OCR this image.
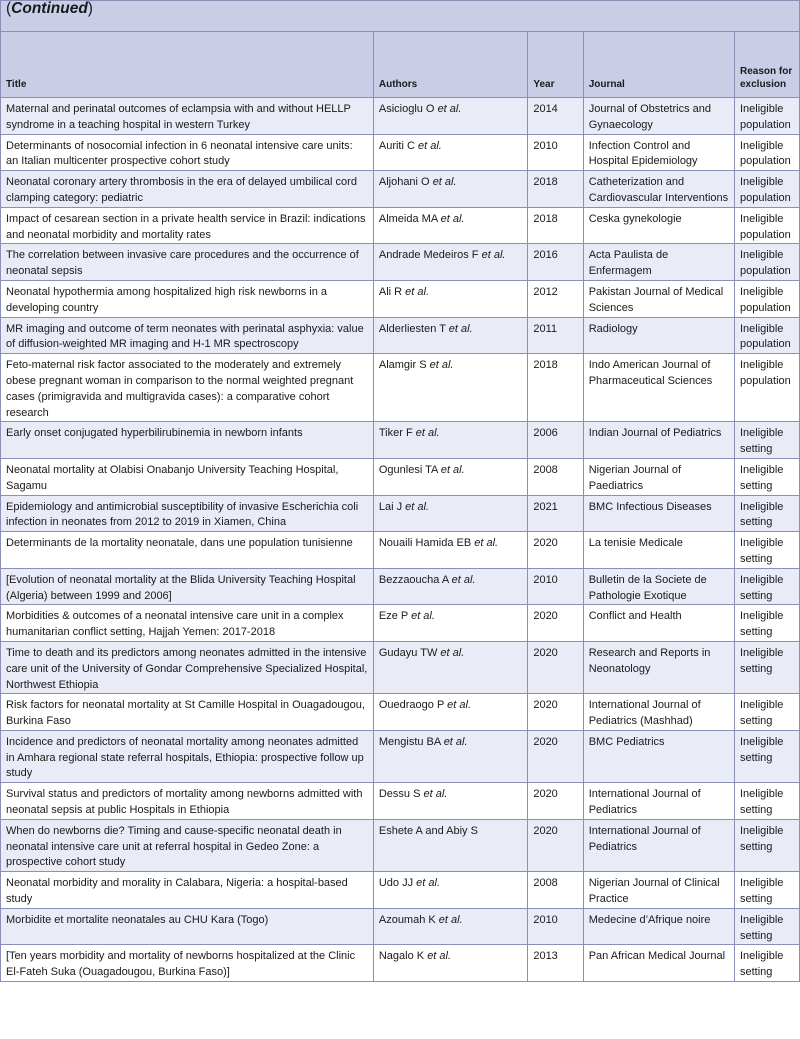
(Continued)				
Title	Authors	Year	Journal	Reason for exclusion
Maternal and perinatal outcomes of eclampsia with and without HELLP syndrome in a teaching hospital in western Turkey	Asicioglu O et al.	2014	Journal of Obstetrics and Gynaecology	Ineligible population
Determinants of nosocomial infection in 6 neonatal intensive care units: an Italian multicenter prospective cohort study	Auriti C et al.	2010	Infection Control and Hospital Epidemiology	Ineligible population
Neonatal coronary artery thrombosis in the era of delayed umbilical cord clamping category: pediatric	Aljohani O et al.	2018	Catheterization and Cardiovascular Interventions	Ineligible population
Impact of cesarean section in a private health service in Brazil: indications and neonatal morbidity and mortality rates	Almeida MA et al.	2018	Ceska gynekologie	Ineligible population
The correlation between invasive care procedures and the occurrence of neonatal sepsis	Andrade Medeiros F et al.	2016	Acta Paulista de Enfermagem	Ineligible population
Neonatal hypothermia among hospitalized high risk newborns in a developing country	Ali R et al.	2012	Pakistan Journal of Medical Sciences	Ineligible population
MR imaging and outcome of term neonates with perinatal asphyxia: value of diffusion-weighted MR imaging and H-1 MR spectroscopy	Alderliesten T et al.	2011	Radiology	Ineligible population
Feto-maternal risk factor associated to the moderately and extremely obese pregnant woman in comparison to the normal weighted pregnant cases (primigravida and multigravida cases): a comparative cohort research	Alamgir S et al.	2018	Indo American Journal of Pharmaceutical Sciences	Ineligible population
Early onset conjugated hyperbilirubinemia in newborn infants	Tiker F et al.	2006	Indian Journal of Pediatrics	Ineligible setting
Neonatal mortality at Olabisi Onabanjo University Teaching Hospital, Sagamu	Ogunlesi TA et al.	2008	Nigerian Journal of Paediatrics	Ineligible setting
Epidemiology and antimicrobial susceptibility of invasive Escherichia coli infection in neonates from 2012 to 2019 in Xiamen, China	Lai J et al.	2021	BMC Infectious Diseases	Ineligible setting
Determinants de la mortality neonatale, dans une population tunisienne	Nouaili Hamida EB et al.	2020	La tenisie Medicale	Ineligible setting
[Evolution of neonatal mortality at the Blida University Teaching Hospital (Algeria) between 1999 and 2006]	Bezzaoucha A et al.	2010	Bulletin de la Societe de Pathologie Exotique	Ineligible setting
Morbidities & outcomes of a neonatal intensive care unit in a complex humanitarian conflict setting, Hajjah Yemen: 2017-2018	Eze P et al.	2020	Conflict and Health	Ineligible setting
Time to death and its predictors among neonates admitted in the intensive care unit of the University of Gondar Comprehensive Specialized Hospital, Northwest Ethiopia	Gudayu TW et al.	2020	Research and Reports in Neonatology	Ineligible setting
Risk factors for neonatal mortality at St Camille Hospital in Ouagadougou, Burkina Faso	Ouedraogo P et al.	2020	International Journal of Pediatrics (Mashhad)	Ineligible setting
Incidence and predictors of neonatal mortality among neonates admitted in Amhara regional state referral hospitals, Ethiopia: prospective follow up study	Mengistu BA et al.	2020	BMC Pediatrics	Ineligible setting
Survival status and predictors of mortality among newborns admitted with neonatal sepsis at public Hospitals in Ethiopia	Dessu S et al.	2020	International Journal of Pediatrics	Ineligible setting
When do newborns die? Timing and cause-specific neonatal death in neonatal intensive care unit at referral hospital in Gedeo Zone: a prospective cohort study	Eshete A and Abiy S	2020	International Journal of Pediatrics	Ineligible setting
Neonatal morbidity and morality in Calabara, Nigeria: a hospital-based study	Udo JJ et al.	2008	Nigerian Journal of Clinical Practice	Ineligible setting
Morbidite et mortalite neonatales au CHU Kara (Togo)	Azoumah K et al.	2010	Medecine d’Afrique noire	Ineligible setting
[Ten years morbidity and mortality of newborns hospitalized at the Clinic El-Fateh Suka (Ouagadougou, Burkina Faso)]	Nagalo K et al.	2013	Pan African Medical Journal	Ineligible setting
